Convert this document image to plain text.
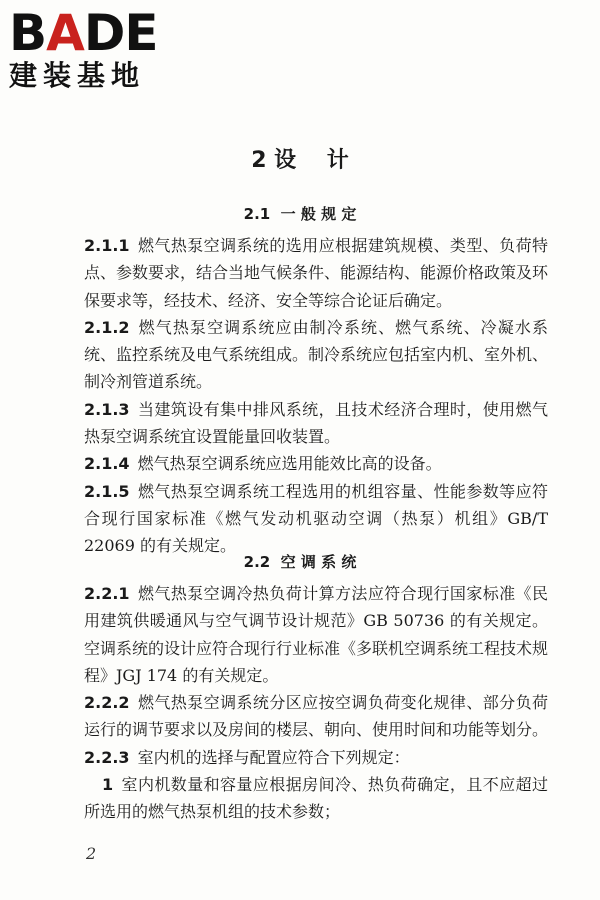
BADE
建装基地
2 设    计
2.1  一 般 规 定

2.1.1 燃气热泵空调系统的选用应根据建筑规模、类型、负荷特点、参数要求，结合当地气候条件、能源结构、能源价格政策及环保要求等，经技术、经济、安全等综合论证后确定。

2.1.2 燃气热泵空调系统应由制冷系统、燃气系统、冷凝水系统、监控系统及电气系统组成。制冷系统应包括室内机、室外机、制冷剂管道系统。

2.1.3 当建筑设有集中排风系统，且技术经济合理时，使用燃气热泵空调系统宜设置能量回收装置。

2.1.4 燃气热泵空调系统应选用能效比高的设备。

2.1.5 燃气热泵空调系统工程选用的机组容量、性能参数等应符合现行国家标准《燃气发动机驱动空调（热泵）机组》GB/T 22069 的有关规定。

2.2  空 调 系 统

2.2.1 燃气热泵空调冷热负荷计算方法应符合现行国家标准《民用建筑供暖通风与空气调节设计规范》GB 50736 的有关规定。空调系统的设计应符合现行行业标准《多联机空调系统工程技术规程》JGJ 174 的有关规定。

2.2.2 燃气热泵空调系统分区应按空调负荷变化规律、部分负荷运行的调节要求以及房间的楼层、朝向、使用时间和功能等划分。

2.2.3 室内机的选择与配置应符合下列规定：

1 室内机数量和容量应根据房间冷、热负荷确定，且不应超过所选用的燃气热泵机组的技术参数；

2
